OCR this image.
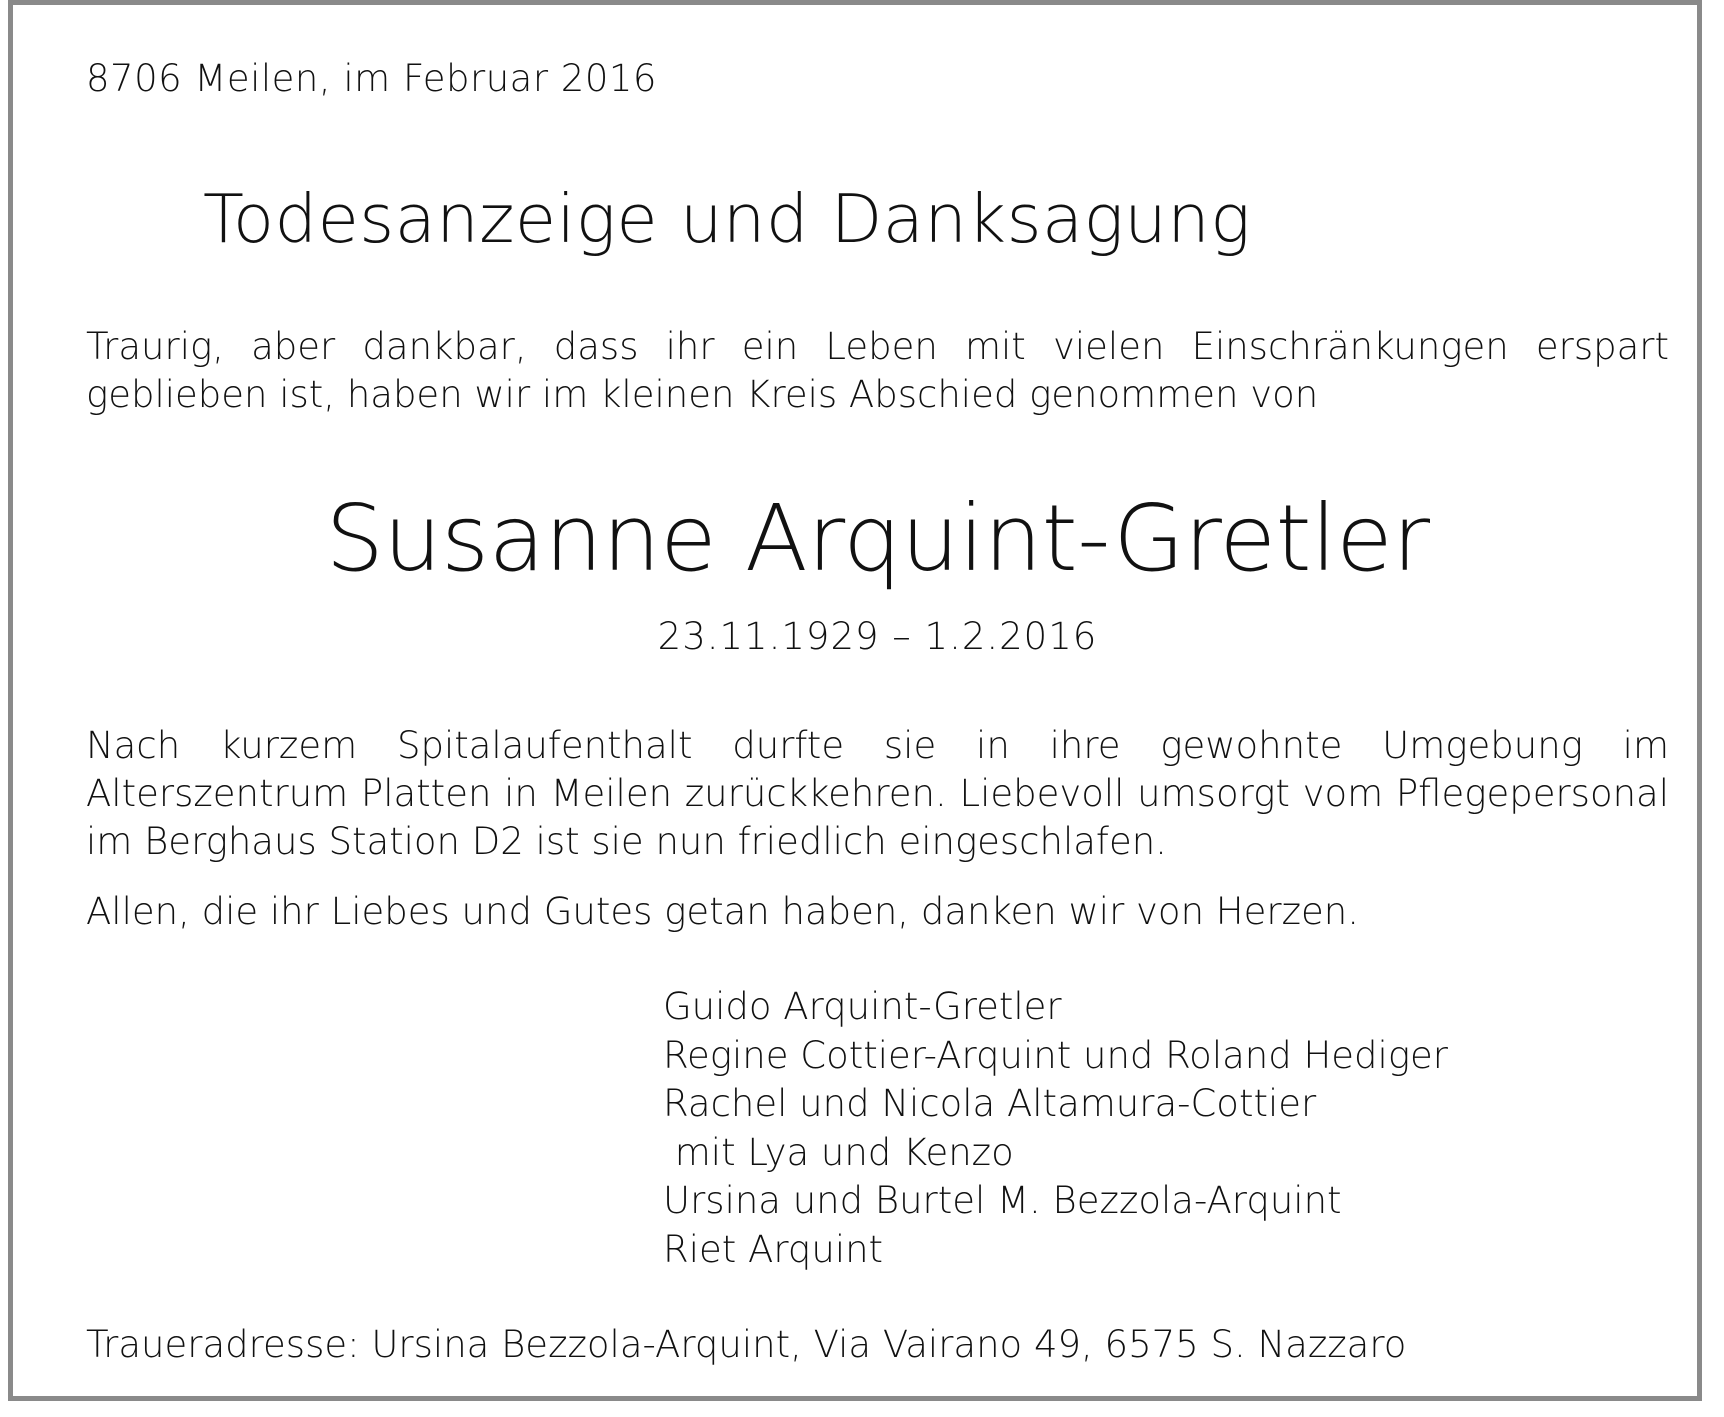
8706 Meilen, im Februar 2016
Todesanzeige und Danksagung
Traurig, aber dankbar, dass ihr ein Leben mit vielen Einschränkungen erspart geblieben ist, haben wir im kleinen Kreis Abschied genommen von
Susanne Arquint-Gretler
23.11.1929 – 1.2.2016
Nach kurzem Spitalaufenthalt durfte sie in ihre gewohnte Umgebung im Alterszentrum Platten in Meilen zurückkehren. Liebevoll umsorgt vom Pflegepersonal im Berghaus Station D2 ist sie nun friedlich eingeschlafen.
Allen, die ihr Liebes und Gutes getan haben, danken wir von Herzen.
Guido Arquint-Gretler
Regine Cottier-Arquint und Roland Hediger
Rachel und Nicola Altamura-Cottier
mit Lya und Kenzo
Ursina und Burtel M. Bezzola-Arquint
Riet Arquint
Traueradresse: Ursina Bezzola-Arquint, Via Vairano 49, 6575 S. Nazzaro
